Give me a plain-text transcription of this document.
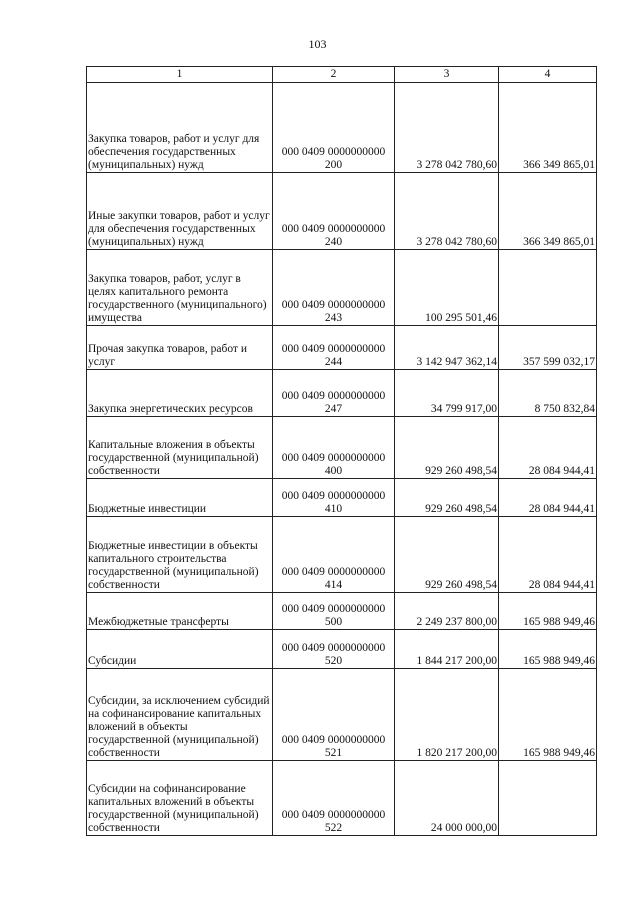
103
1	2	3	4
Закупка товаров, работ и услуг для обеспечения государственных (муниципальных) нужд	000 0409 0000000000 200	3 278 042 780,60	366 349 865,01
Иные закупки товаров, работ и услуг для обеспечения государственных (муниципальных) нужд	000 0409 0000000000 240	3 278 042 780,60	366 349 865,01
Закупка товаров, работ, услуг в целях капитального ремонта государственного (муниципального) имущества	000 0409 0000000000 243	100 295 501,46	
Прочая закупка товаров, работ и услуг	000 0409 0000000000 244	3 142 947 362,14	357 599 032,17
Закупка энергетических ресурсов	000 0409 0000000000 247	34 799 917,00	8 750 832,84
Капитальные вложения в объекты государственной (муниципальной) собственности	000 0409 0000000000 400	929 260 498,54	28 084 944,41
Бюджетные инвестиции	000 0409 0000000000 410	929 260 498,54	28 084 944,41
Бюджетные инвестиции в объекты капитального строительства государственной (муниципальной) собственности	000 0409 0000000000 414	929 260 498,54	28 084 944,41
Межбюджетные трансферты	000 0409 0000000000 500	2 249 237 800,00	165 988 949,46
Субсидии	000 0409 0000000000 520	1 844 217 200,00	165 988 949,46
Субсидии, за исключением субсидий на софинансирование капитальных вложений в объекты государственной (муниципальной) собственности	000 0409 0000000000 521	1 820 217 200,00	165 988 949,46
Субсидии на софинансирование капитальных вложений в объекты государственной (муниципальной) собственности	000 0409 0000000000 522	24 000 000,00	
